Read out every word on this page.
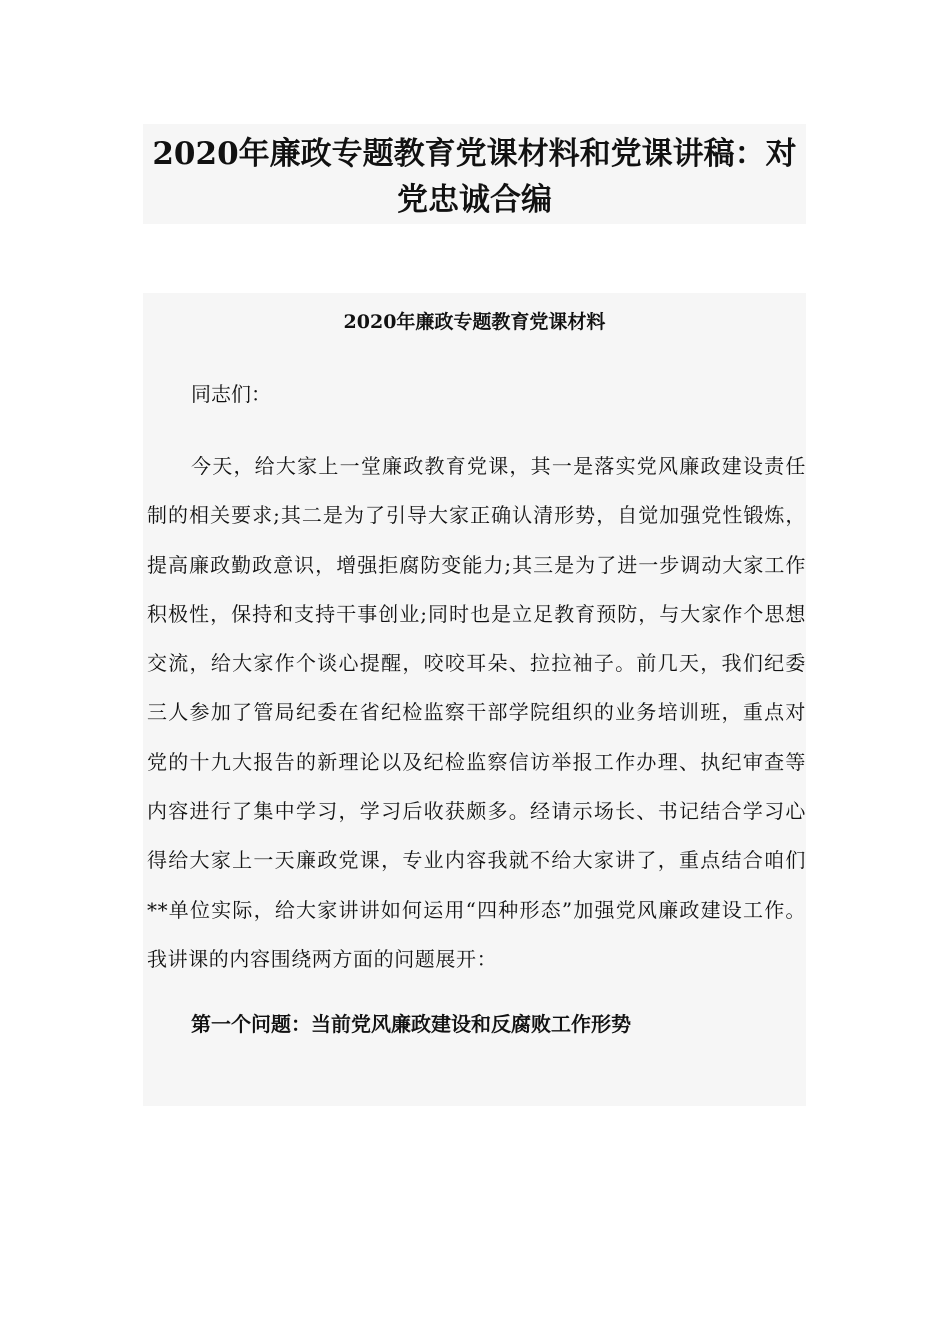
2020年廉政专题教育党课材料和党课讲稿：对党忠诚合编
2020年廉政专题教育党课材料
同志们：
今天，给大家上一堂廉政教育党课，其一是落实党风廉政建设责任制的相关要求;其二是为了引导大家正确认清形势，自觉加强党性锻炼，提高廉政勤政意识，增强拒腐防变能力;其三是为了进一步调动大家工作积极性，保持和支持干事创业;同时也是立足教育预防，与大家作个思想交流，给大家作个谈心提醒，咬咬耳朵、拉拉袖子。前几天，我们纪委三人参加了管局纪委在省纪检监察干部学院组织的业务培训班，重点对党的十九大报告的新理论以及纪检监察信访举报工作办理、执纪审查等内容进行了集中学习，学习后收获颇多。经请示场长、书记结合学习心得给大家上一天廉政党课，专业内容我就不给大家讲了，重点结合咱们**单位实际，给大家讲讲如何运用“四种形态”加强党风廉政建设工作。我讲课的内容围绕两方面的问题展开：
第一个问题：当前党风廉政建设和反腐败工作形势
